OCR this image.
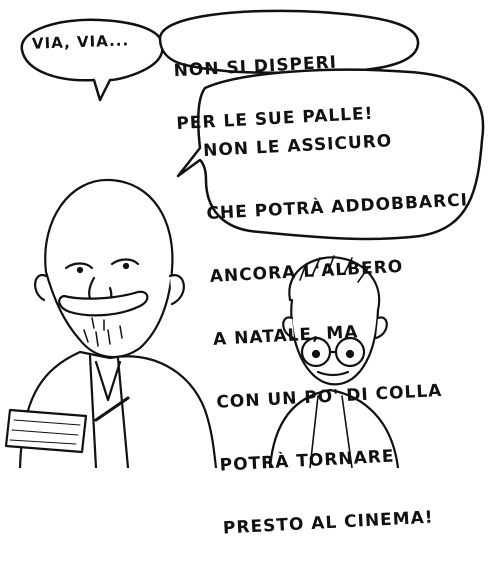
VIA, VIA...

NON SI DISPERI

PER LE SUE PALLE!

NON LE ASSICURO

CHE POTRÀ ADDOBBARCI

ANCORA L'ALBERO

A NATALE, MA

CON UN PO' DI COLLA

POTRÀ TORNARE

PRESTO AL CINEMA!
